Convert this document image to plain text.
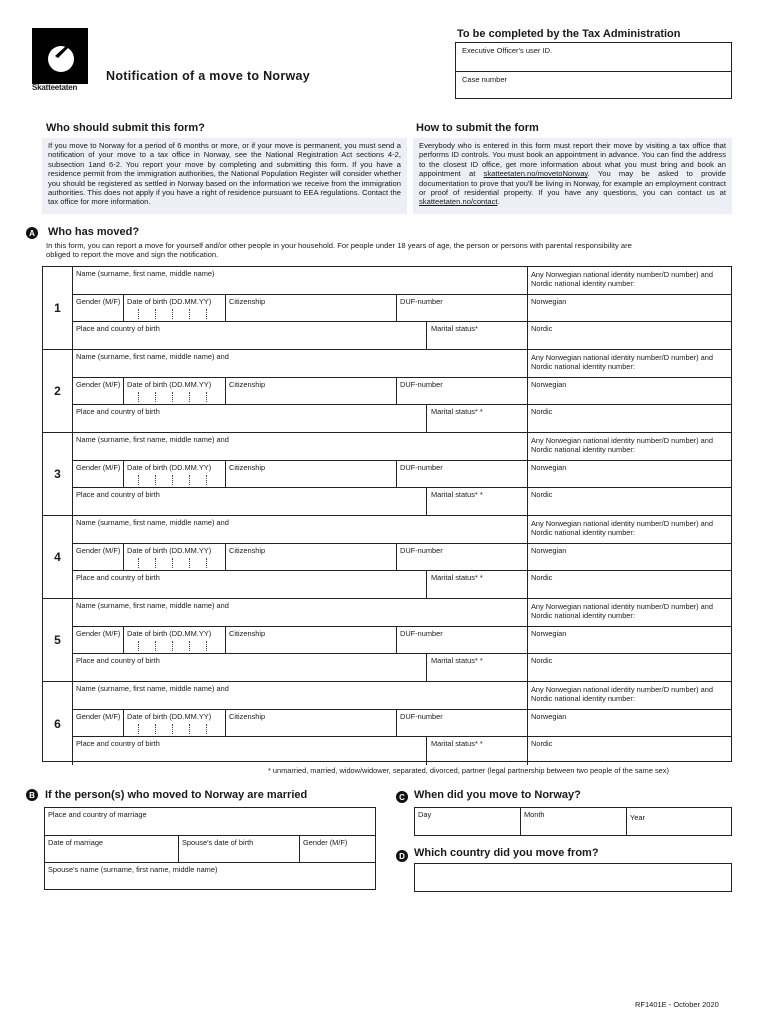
Skatteetaten
Notification of a move to Norway
To be completed by the Tax Administration
Executive Officer's user ID.
Case number
Who should submit this form?
If you move to Norway for a period of 6 months or more, or if your move is permanent, you must send a notification of your move to a tax office in Norway, see the National Registration Act sections 4-2, subsection 1and 6-2. You report your move by completing and submitting this form. If you have a residence permit from the immigration authorities, the National Population Register will consider whether you should be registered as settled in Norway based on the information we receive from the immigration authorities. This does not apply if you have a right of residence pursuant to EEA regulations. Contact the tax office for more information.
How to submit the form
Everybody who is entered in this form must report their move by visiting a tax office that performs ID controls. You must book an appointment in advance. You can find the address to the closest ID office, get more information about what you must bring and book an appointment at skatteetaten.no/movetoNorway. You may be asked to provide documentation to prove that you'll be living in Norway, for example an employment contract or proof of residential property. If you have any questions, you can contact us at skatteetaten.no/contact.
A Who has moved?
In this form, you can report a move for yourself and/or other people in your household. For people under 18 years of age, the person or persons with parental responsibility are obliged to report the move and sign the notification.
1
Name (surname, first name, middle name)	Any Norwegian national identity number/D number) and Nordic national identity number:
Gender (M/F) Date of birth (DD.MM.YY)	Citizenship	DUF-number	Norwegian
Place and country of birth	Marital status*	Nordic
2
Name (surname, first name, middle name) and	Any Norwegian national identity number/D number) and Nordic national identity number:
Gender (M/F) Date of birth (DD.MM.YY)	Citizenship	DUF-number	Norwegian
Place and country of birth	Marital status* *	Nordic
3
Name (surname, first name, middle name) and	Any Norwegian national identity number/D number) and Nordic national identity number:
Gender (M/F) Date of birth (DD.MM.YY)	Citizenship	DUF-number	Norwegian
Place and country of birth	Marital status* *	Nordic
4
Name (surname, first name, middle name) and	Any Norwegian national identity number/D number) and Nordic national identity number:
Gender (M/F) Date of birth (DD.MM.YY)	Citizenship	DUF-number	Norwegian
Place and country of birth	Marital status* *	Nordic
5
Name (surname, first name, middle name) and	Any Norwegian national identity number/D number) and Nordic national identity number:
Gender (M/F) Date of birth (DD.MM.YY)	Citizenship	DUF-number	Norwegian
Place and country of birth	Marital status* *	Nordic
6
Name (surname, first name, middle name) and	Any Norwegian national identity number/D number) and Nordic national identity number:
Gender (M/F) Date of birth (DD.MM.YY)	Citizenship	DUF-number	Norwegian
Place and country of birth	Marital status* *	Nordic
* unmarried, married, widow/widower, separated, divorced, partner (legal partnership between two people of the same sex)
B If the person(s) who moved to Norway are married
Place and country of marriage
Date of marriage	Spouse's date of birth	Gender (M/F)
Spouse's name (surname, first name, middle name)
C When did you move to Norway?
Day	Month	Year
D Which country did you move from?
RF1401E - October 2020
